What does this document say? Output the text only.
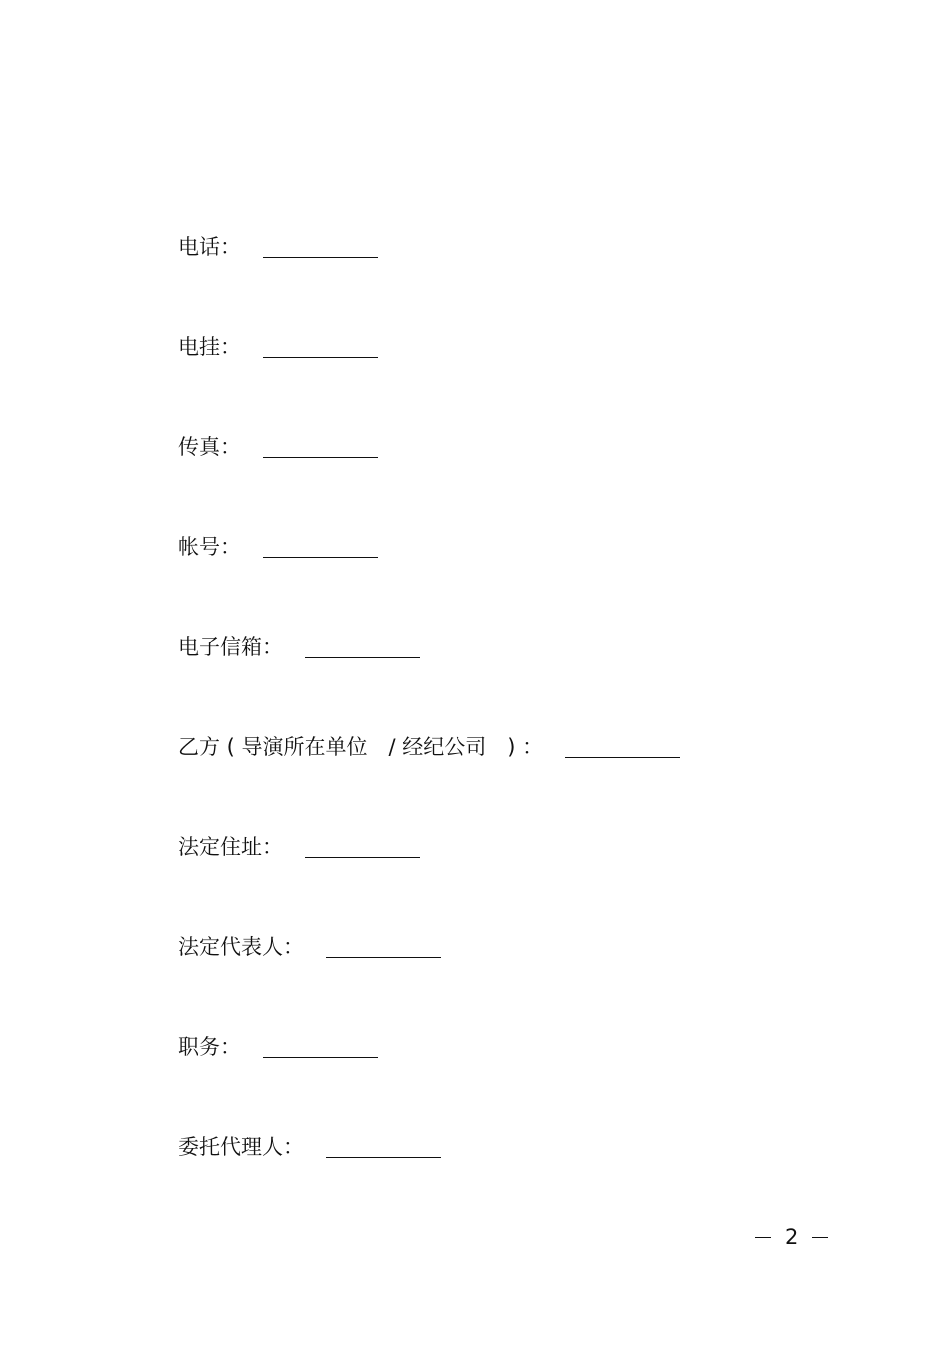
电话：
电挂：
传真：
帐号：
电子信箱：
乙方 ( 导演所在单位　/ 经纪公司　) ：
法定住址：
法定代表人：
职务：
委托代理人：
2
